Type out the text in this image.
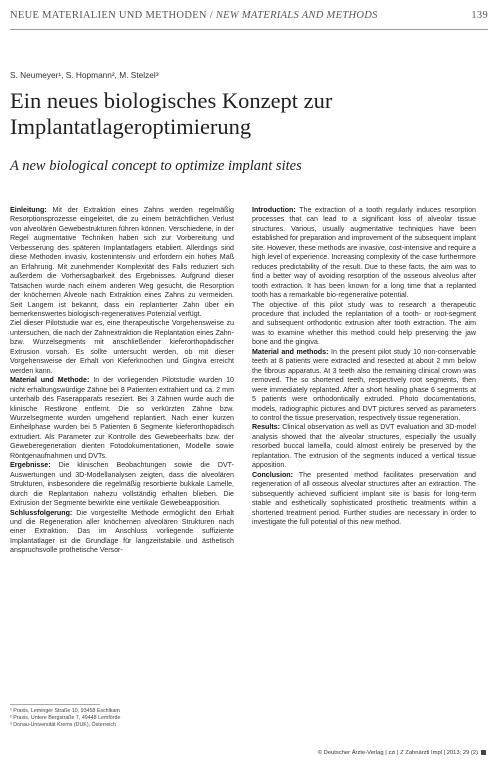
NEUE MATERIALIEN UND METHODEN / NEW MATERIALS AND METHODS	139
S. Neumeyer¹, S. Hopmann², M. Stelzel³
Ein neues biologisches Konzept zur Implantatlageroptimierung
A new biological concept to optimize implant sites

Einleitung: Mit der Extraktion eines Zahns werden regelmäßig Resorptionsprozesse eingeleitet, die zu einem beträchtlichen Verlust von alveolären Gewebestrukturen führen können. Verschiedene, in der Regel augmentative Techniken haben sich zur Vorbereitung und Verbesserung des späteren Implantatlagers etabliert. Allerdings sind diese Methoden invasiv, kostenintensiv und erfordern ein hohes Maß an Erfahrung. Mit zunehmender Komplexität des Falls reduziert sich außerdem die Vorhersagbarkeit des Ergebnisses. Aufgrund dieser Tatsachen wurde nach einem anderen Weg gesucht, die Resorption der knöchernen Alveole nach Extraktion eines Zahns zu vermeiden. Seit Langem ist bekannt, dass ein replantierter Zahn über ein bemerkenswertes biologisch-regeneratives Potenzial verfügt.

Ziel dieser Pilotstudie war es, eine therapeutische Vorgehensweise zu untersuchen, die nach der Zahnextraktion die Replantation eines Zahn- bzw. Wurzelsegments mit anschließender kieferorthopädischer Extrusion vorsah. Es sollte untersucht werden, ob mit dieser Vorgehensweise der Erhalt von Kieferknochen und Gingiva erreicht werden kann.

Material und Methode: In der vorliegenden Pilotstudie wurden 10 nicht erhaltungswürdige Zähne bei 8 Patienten extrahiert und ca. 2 mm unterhalb des Faserapparats reseziert. Bei 3 Zähnen wurde auch die klinische Restkrone entfernt. Die so verkürzten Zähne bzw. Wurzelsegmente wurden umgehend replantiert. Nach einer kurzen Einheilphase wurden bei 5 Patienten 6 Segmente kieferorthopädisch extrudiert. Als Parameter zur Kontrolle des Gewebeerhalts bzw. der Geweberegeneration dienten Fotodokumentationen, Modelle sowie Röntgenaufnahmen und DVTs.

Ergebnisse: Die klinischen Beobachtungen sowie die DVT-Auswertungen und 3D-Modellanalysen zeigten, dass die alveolären Strukturen, insbesondere die regelmäßig resorbierte bukkale Lamelle, durch die Replantation nahezu vollständig erhalten blieben. Die Extrusion der Segmente bewirkte eine vertikale Gewebeapposition.

Schlussfolgerung: Die vorgestellte Methode ermöglicht den Erhalt und die Regeneration aller knöchernen alveolären Strukturen nach einer Extraktion. Das im Anschluss vorliegende suffiziente Implantatlager ist die Grundlage für langzeitstabile und ästhetisch anspruchsvolle prothetische Versor-

Introduction: The extraction of a tooth regularly induces resorption processes that can lead to a significant loss of alveolar tissue structures. Various, usually augmentative techniques have been established for preparation and improvement of the subsequent implant site. However, these methods are invasive, cost-intensive and require a high level of experience. Increasing complexity of the case furthermore reduces predictability of the result. Due to these facts, the aim was to find a better way of avoiding resorption of the osseous alveolus after tooth extraction. It has been known for a long time that a replanted tooth has a remarkable bio-regenerative potential.

The objective of this pilot study was to research a therapeutic procedure that included the replantation of a tooth- or root-segment and subsequent orthodontic extrusion after tooth extraction. The aim was to examine whether this method could help preserving the jaw bone and the gingiva.

Material and methods: In the present pilot study 10 non-conservable teeth at 8 patients were extracted and resected at about 2 mm below the fibrous apparatus. At 3 teeth also the remaining clinical crown was removed. The so shortened teeth, respectively root segments, then were immediately replanted. After a short healing phase 6 segments at 5 patients were orthodontically extruded. Photo documentations, models, radiographic pictures and DVT pictures served as parameters to control the tissue preservation, respectively tissue regeneration.

Results: Clinical observation as well as DVT evaluation and 3D-model analysis showed that the alveolar structures, especially the usually resorbed buccal lamella, could almost entirely be preserved by the replantation. The extrusion of the segments induced a vertical tissue apposition.

Conclusion: The presented method facilitates preservation and regeneration of all osseous alveolar structures after an extraction. The subsequently achieved sufficient implant site is basis for long-term stable and esthetically sophisticated prosthetic treatments within a shortened treatment period. Further studies are necessary in order to investigate the full potential of this new method.

¹ Praxis, Leminger Straße 10, 93458 Eschlkam
² Praxis, Untere Bergstraße 7, 49448 Lemförde
³ Donau-Universität Krems (DUK), Österreich
© Deutscher Ärzte-Verlag | zzi | Z Zahnärztl Impl | 2013; 29 (2)
